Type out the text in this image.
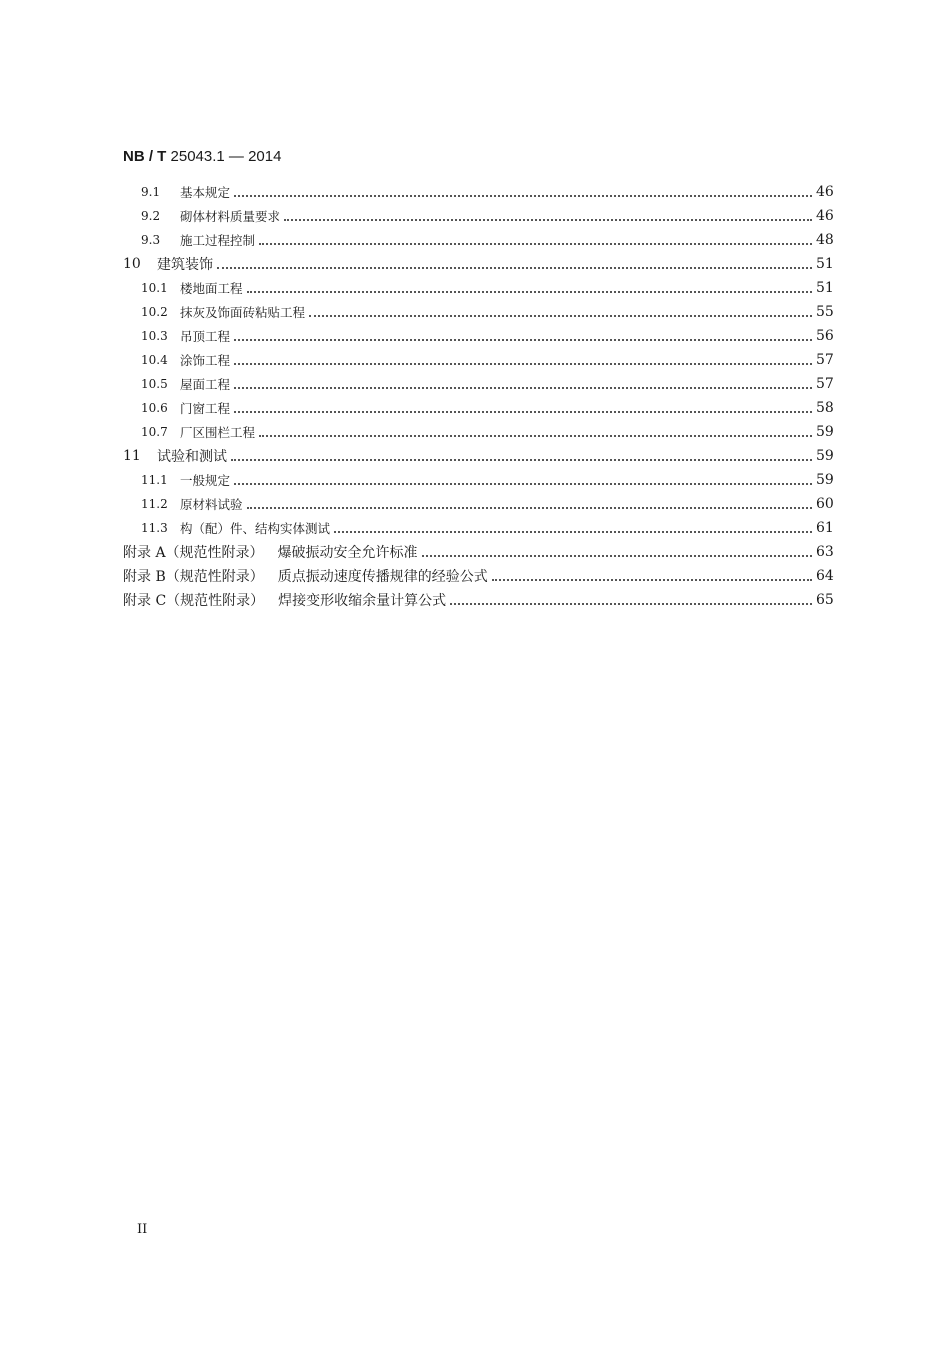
NB / T 25043.1 — 2014
9.1	基本规定	46
9.2	砌体材料质量要求	46
9.3	施工过程控制	48
10	建筑装饰	51
10.1 楼地面工程	51
10.2 抹灰及饰面砖粘贴工程	55
10.3 吊顶工程	56
10.4 涂饰工程	57
10.5 屋面工程	57
10.6 门窗工程	58
10.7 厂区围栏工程	59
11	试验和测试	59
11.1 一般规定	59
11.2 原材料试验	60
11.3 构（配）件、结构实体测试	61
附录 A（规范性附录） 爆破振动安全允许标准	63
附录 B（规范性附录） 质点振动速度传播规律的经验公式	64
附录 C（规范性附录） 焊接变形收缩余量计算公式	65
II
